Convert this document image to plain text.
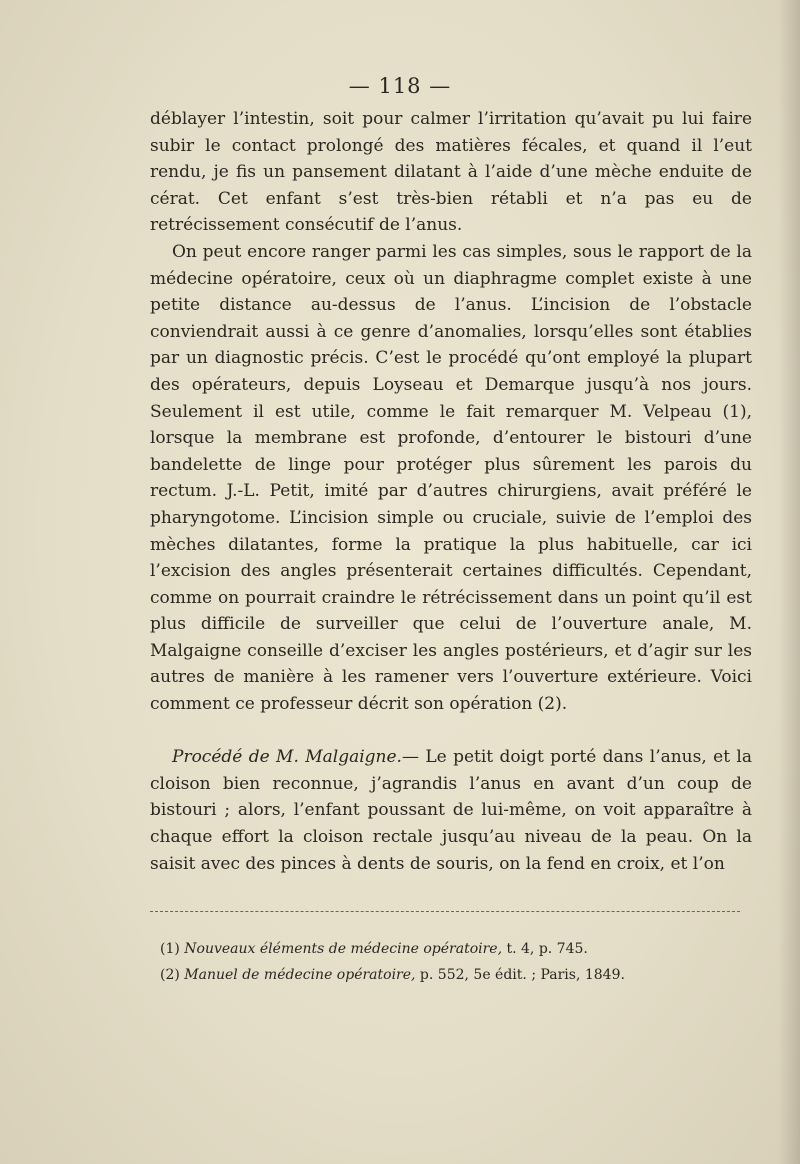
— 118 —

déblayer l’intestin, soit pour calmer l’irritation qu’avait pu lui faire subir le contact prolongé des matières fécales, et quand il l’eut rendu, je fis un pansement dilatant à l’aide d’une mèche enduite de cérat. Cet enfant s’est très-bien rétabli et n’a pas eu de retrécissement consécutif de l’anus.

On peut encore ranger parmi les cas simples, sous le rapport de la médecine opératoire, ceux où un diaphragme complet existe à une petite distance au-dessus de l’anus. L’incision de l’obstacle conviendrait aussi à ce genre d’anomalies, lorsqu’elles sont établies par un diagnostic précis. C’est le procédé qu’ont employé la plupart des opérateurs, depuis Loyseau et Demarque jusqu’à nos jours. Seulement il est utile, comme le fait remarquer M. Velpeau (1), lorsque la membrane est profonde, d’entourer le bistouri d’une bandelette de linge pour protéger plus sûrement les parois du rectum. J.-L. Petit, imité par d’autres chirurgiens, avait préféré le pharyngotome. L’incision simple ou cruciale, suivie de l’emploi des mèches dilatantes, forme la pratique la plus habituelle, car ici l’excision des angles présenterait certaines difficultés. Cependant, comme on pourrait craindre le rétrécissement dans un point qu’il est plus difficile de surveiller que celui de l’ouverture anale, M. Malgaigne conseille d’exciser les angles postérieurs, et d’agir sur les autres de manière à les ramener vers l’ouverture extérieure. Voici comment ce professeur décrit son opération (2).

Procédé de M. Malgaigne.— Le petit doigt porté dans l’anus, et la cloison bien reconnue, j’agrandis l’anus en avant d’un coup de bistouri ; alors, l’enfant poussant de lui-même, on voit apparaître à chaque effort la cloison rectale jusqu’au niveau de la peau. On la saisit avec des pinces à dents de souris, on la fend en croix, et l’on

(1) Nouveaux éléments de médecine opératoire, t. 4, p. 745.

(2) Manuel de médecine opératoire, p. 552, 5e édit. ; Paris, 1849.
